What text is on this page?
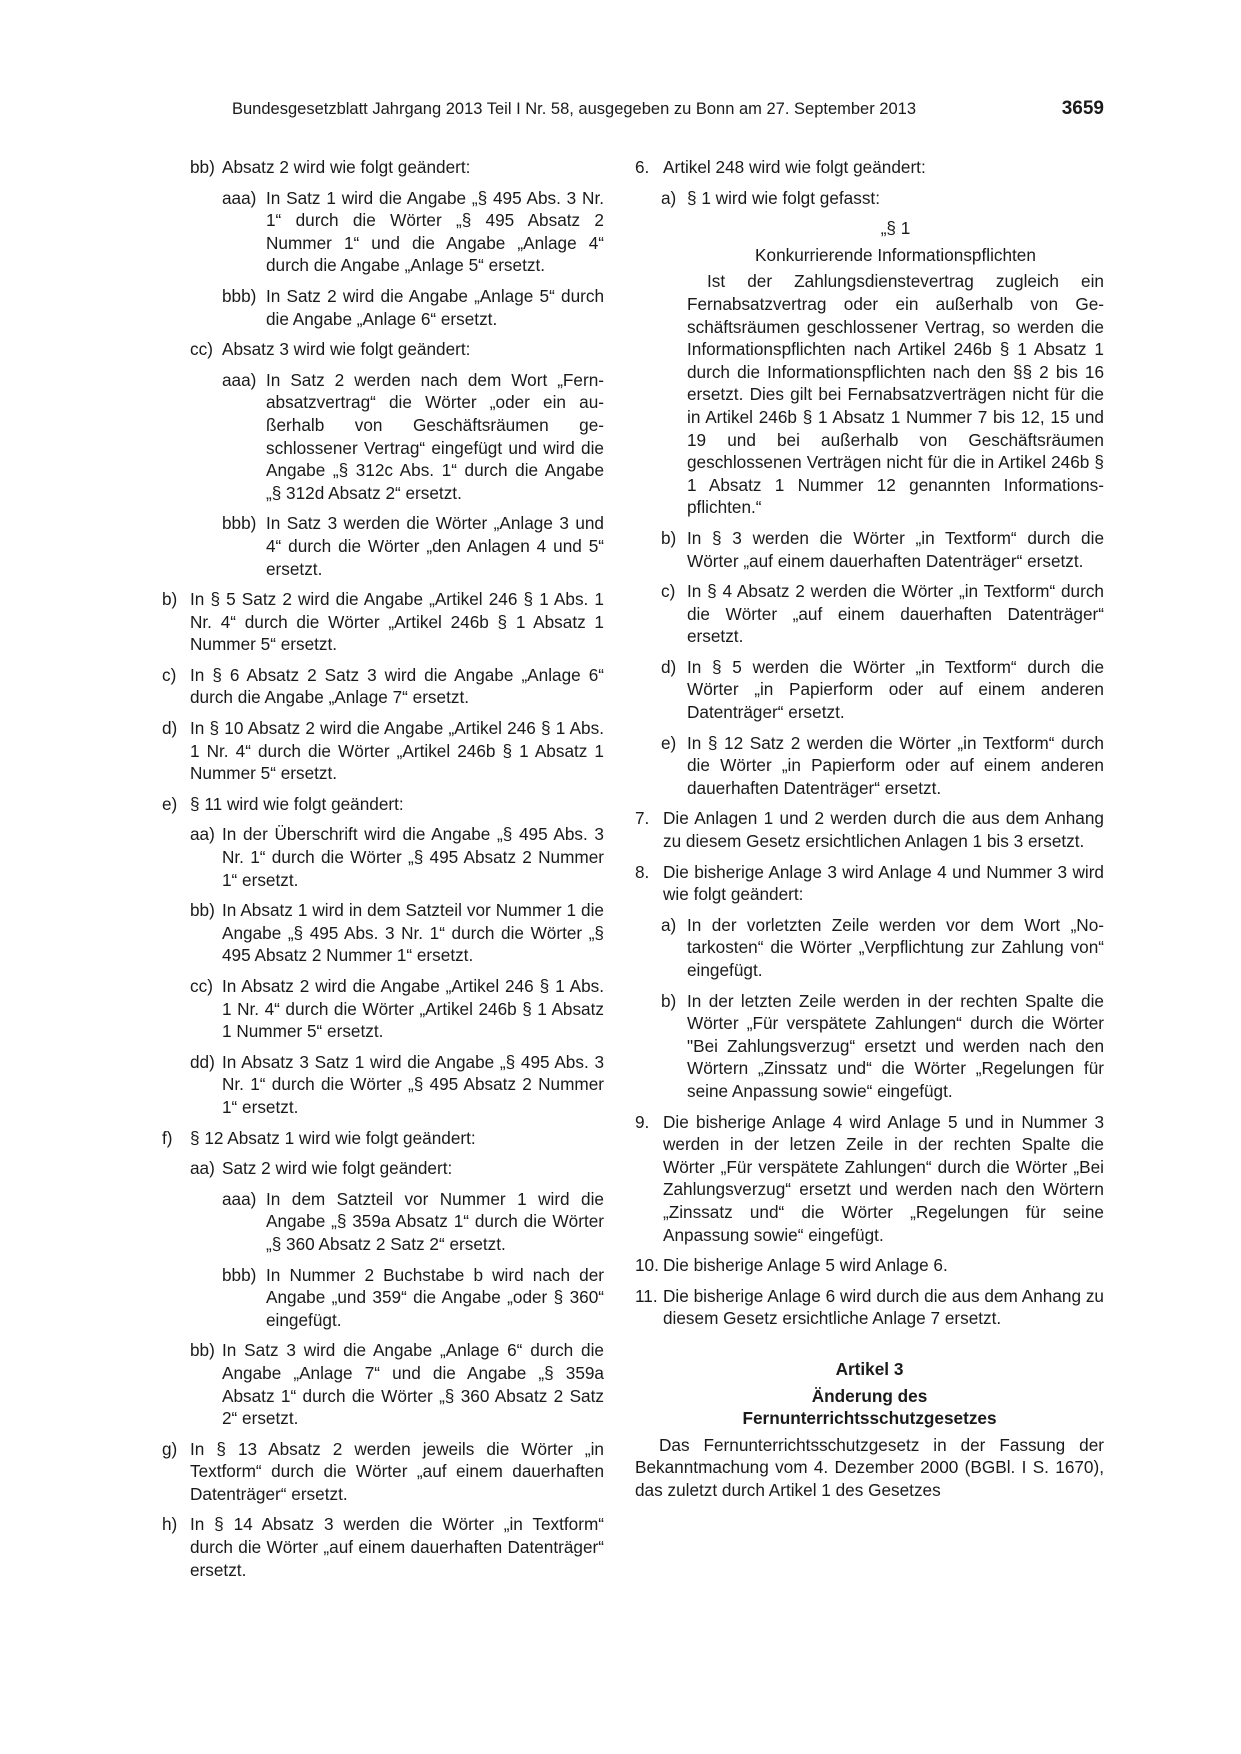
Bundesgesetzblatt Jahrgang 2013 Teil I Nr. 58, ausgegeben zu Bonn am 27. September 2013	3659
bb) Absatz 2 wird wie folgt geändert:
aaa) In Satz 1 wird die Angabe „§ 495 Abs. 3 Nr. 1“ durch die Wörter „§ 495 Absatz 2 Nummer 1“ und die Angabe „Anlage 4“ durch die Angabe „Anlage 5“ ersetzt.
bbb) In Satz 2 wird die Angabe „Anlage 5“ durch die Angabe „Anlage 6“ ersetzt.
cc) Absatz 3 wird wie folgt geändert:
aaa) In Satz 2 werden nach dem Wort „Fernabsatzvertrag“ die Wörter „oder ein außerhalb von Geschäftsräumen geschlossener Vertrag“ eingefügt und wird die Angabe „§ 312c Abs. 1“ durch die Angabe „§ 312d Absatz 2“ ersetzt.
bbb) In Satz 3 werden die Wörter „Anlage 3 und 4“ durch die Wörter „den Anlagen 4 und 5“ ersetzt.
b) In § 5 Satz 2 wird die Angabe „Artikel 246 § 1 Abs. 1 Nr. 4“ durch die Wörter „Artikel 246b § 1 Absatz 1 Nummer 5“ ersetzt.
c) In § 6 Absatz 2 Satz 3 wird die Angabe „Anlage 6“ durch die Angabe „Anlage 7“ ersetzt.
d) In § 10 Absatz 2 wird die Angabe „Artikel 246 § 1 Abs. 1 Nr. 4“ durch die Wörter „Artikel 246b § 1 Absatz 1 Nummer 5“ ersetzt.
e) § 11 wird wie folgt geändert:
aa) In der Überschrift wird die Angabe „§ 495 Abs. 3 Nr. 1“ durch die Wörter „§ 495 Absatz 2 Nummer 1“ ersetzt.
bb) In Absatz 1 wird in dem Satzteil vor Nummer 1 die Angabe „§ 495 Abs. 3 Nr. 1“ durch die Wörter „§ 495 Absatz 2 Nummer 1“ ersetzt.
cc) In Absatz 2 wird die Angabe „Artikel 246 § 1 Abs. 1 Nr. 4“ durch die Wörter „Artikel 246b § 1 Absatz 1 Nummer 5“ ersetzt.
dd) In Absatz 3 Satz 1 wird die Angabe „§ 495 Abs. 3 Nr. 1“ durch die Wörter „§ 495 Absatz 2 Nummer 1“ ersetzt.
f) § 12 Absatz 1 wird wie folgt geändert:
aa) Satz 2 wird wie folgt geändert:
aaa) In dem Satzteil vor Nummer 1 wird die Angabe „§ 359a Absatz 1“ durch die Wörter „§ 360 Absatz 2 Satz 2“ ersetzt.
bbb) In Nummer 2 Buchstabe b wird nach der Angabe „und 359“ die Angabe „oder § 360“ eingefügt.
bb) In Satz 3 wird die Angabe „Anlage 6“ durch die Angabe „Anlage 7“ und die Angabe „§ 359a Absatz 1“ durch die Wörter „§ 360 Absatz 2 Satz 2“ ersetzt.
g) In § 13 Absatz 2 werden jeweils die Wörter „in Textform“ durch die Wörter „auf einem dauerhaften Datenträger“ ersetzt.
h) In § 14 Absatz 3 werden die Wörter „in Textform“ durch die Wörter „auf einem dauerhaften Datenträger“ ersetzt.
6. Artikel 248 wird wie folgt geändert:
a) § 1 wird wie folgt gefasst:
„§ 1
Konkurrierende Informationspflichten
Ist der Zahlungsdienstevertrag zugleich ein Fernabsatzvertrag oder ein außerhalb von Geschäftsräumen geschlossener Vertrag, so werden die Informationspflichten nach Artikel 246b § 1 Absatz 1 durch die Informationspflichten nach den §§ 2 bis 16 ersetzt. Dies gilt bei Fernabsatzverträgen nicht für die in Artikel 246b § 1 Absatz 1 Nummer 7 bis 12, 15 und 19 und bei außerhalb von Geschäftsräumen geschlossenen Verträgen nicht für die in Artikel 246b § 1 Absatz 1 Nummer 12 genannten Informationspflichten.“
b) In § 3 werden die Wörter „in Textform“ durch die Wörter „auf einem dauerhaften Datenträger“ ersetzt.
c) In § 4 Absatz 2 werden die Wörter „in Textform“ durch die Wörter „auf einem dauerhaften Datenträger“ ersetzt.
d) In § 5 werden die Wörter „in Textform“ durch die Wörter „in Papierform oder auf einem anderen Datenträger“ ersetzt.
e) In § 12 Satz 2 werden die Wörter „in Textform“ durch die Wörter „in Papierform oder auf einem anderen dauerhaften Datenträger“ ersetzt.
7. Die Anlagen 1 und 2 werden durch die aus dem Anhang zu diesem Gesetz ersichtlichen Anlagen 1 bis 3 ersetzt.
8. Die bisherige Anlage 3 wird Anlage 4 und Nummer 3 wird wie folgt geändert:
a) In der vorletzten Zeile werden vor dem Wort „Notarkosten“ die Wörter „Verpflichtung zur Zahlung von“ eingefügt.
b) In der letzten Zeile werden in der rechten Spalte die Wörter „Für verspätete Zahlungen“ durch die Wörter "Bei Zahlungsverzug“ ersetzt und werden nach den Wörtern „Zinssatz und“ die Wörter „Regelungen für seine Anpassung sowie“ eingefügt.
9. Die bisherige Anlage 4 wird Anlage 5 und in Nummer 3 werden in der letzen Zeile in der rechten Spalte die Wörter „Für verspätete Zahlungen“ durch die Wörter „Bei Zahlungsverzug“ ersetzt und werden nach den Wörtern „Zinssatz und“ die Wörter „Regelungen für seine Anpassung sowie“ eingefügt.
10. Die bisherige Anlage 5 wird Anlage 6.
11. Die bisherige Anlage 6 wird durch die aus dem Anhang zu diesem Gesetz ersichtliche Anlage 7 ersetzt.
Artikel 3
Änderung des
Fernunterrichtsschutzgesetzes
Das Fernunterrichtsschutzgesetz in der Fassung der Bekanntmachung vom 4. Dezember 2000 (BGBl. I S. 1670), das zuletzt durch Artikel 1 des Gesetzes
